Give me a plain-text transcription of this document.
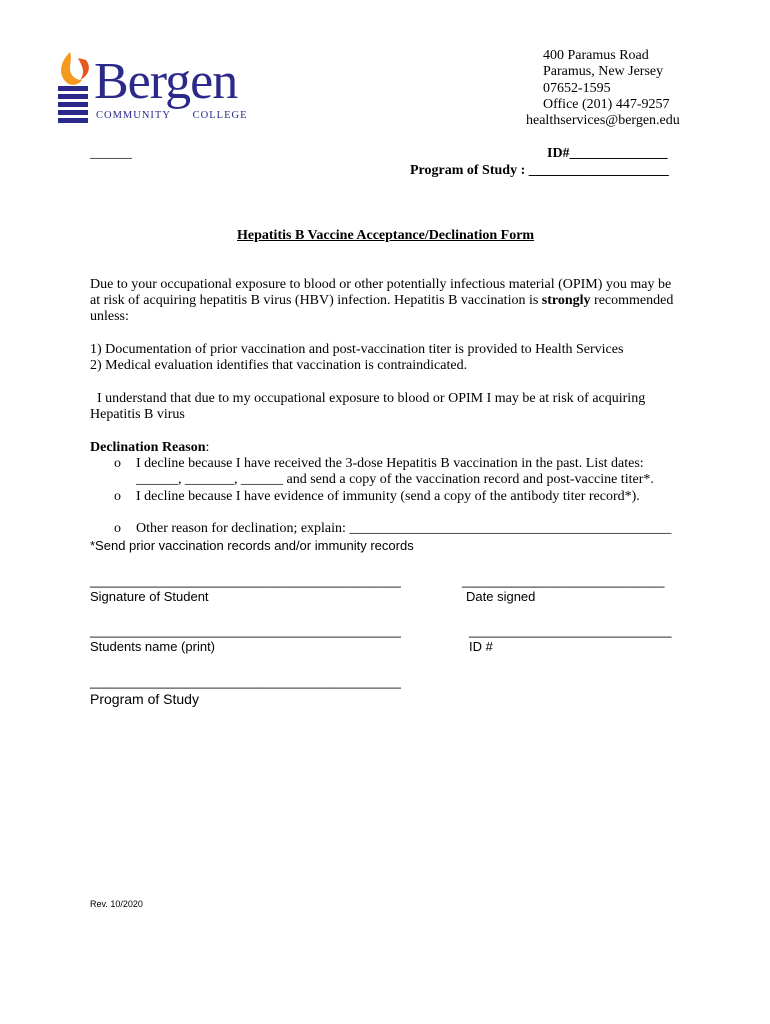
Bergen
COMMUNITY COLLEGE
400 Paramus Road
Paramus, New Jersey
07652-1595
Office (201) 447-9257
healthservices@bergen.edu
______	ID#______________
Program of Study : ____________________
Hepatitis B Vaccine Acceptance/Declination Form
Due to your occupational exposure to blood or other potentially infectious material (OPIM) you may be
at risk of acquiring hepatitis B virus (HBV) infection. Hepatitis B vaccination is strongly recommended
unless:
1) Documentation of prior vaccination and post-vaccination titer is provided to Health Services
2) Medical evaluation identifies that vaccination is contraindicated.
I understand that due to my occupational exposure to blood or OPIM I may be at risk of acquiring
Hepatitis B virus
Declination Reason:
o I decline because I have received the 3-dose Hepatitis B vaccination in the past. List dates:
______, _______, ______ and send a copy of the vaccination record and post-vaccine titer*.
o I decline because I have evidence of immunity (send a copy of the antibody titer record*).
o Other reason for declination; explain: ______________________________________________
*Send prior vaccination records and/or immunity records
___________________________________________
Signature of Student
____________________________
Date signed
___________________________________________
Students name (print)
____________________________
ID #
___________________________________________
Program of Study
Rev. 10/2020
